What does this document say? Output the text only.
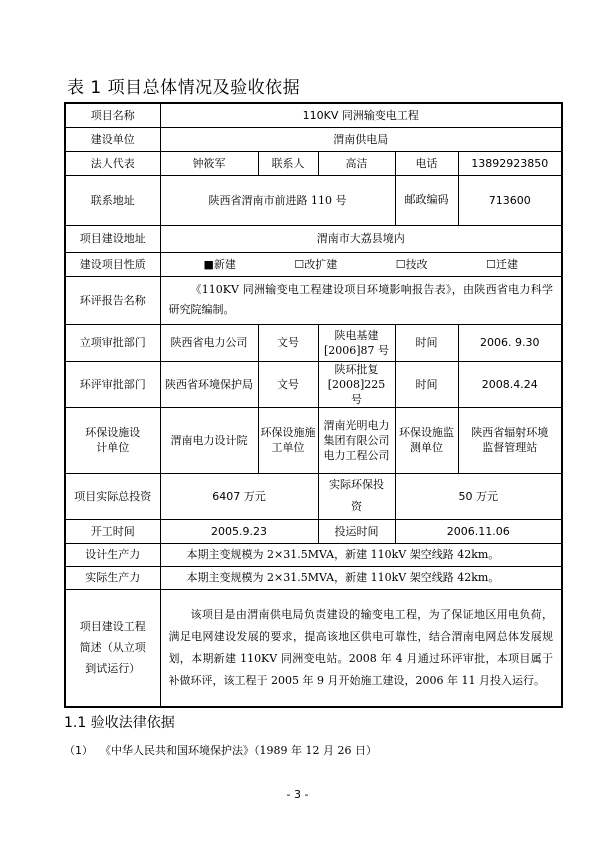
表 1 项目总体情况及验收依据
项目名称	110KV 同洲输变电工程				
建设单位	渭南供电局				
法人代表	钟筱军	联系人	高洁	电话	13892923850
联系地址	陕西省渭南市前进路 110 号			邮政编码	713600
项目建设地址	渭南市大荔县境内				
建设项目性质	■新建 ☐改扩建 ☐技改 ☐迁建				
环评报告名称	《110KV 同洲输变电工程建设项目环境影响报告表》，由陕西省电力科学研究院编制。				
立项审批部门	陕西省电力公司	文号	陕电基建[2006]87 号	时间	2006. 9.30
环评审批部门	陕西省环境保护局	文号	陕环批复[2008]225 号	时间	2008.4.24
环保设施设计单位	渭南电力设计院	环保设施施工单位	渭南光明电力集团有限公司电力工程公司	环保设施监测单位	陕西省辐射环境监督管理站
项目实际总投资	6407 万元		实际环保投资	50 万元	
开工时间	2005.9.23		投运时间	2006.11.06	
设计生产力	本期主变规模为 2×31.5MVA，新建 110kV 架空线路 42km。				
实际生产力	本期主变规模为 2×31.5MVA，新建 110kV 架空线路 42km。				
项目建设工程简述（从立项到试运行）	该项目是由渭南供电局负责建设的输变电工程，为了保证地区用电负荷，满足电网建设发展的要求，提高该地区供电可靠性，结合渭南电网总体发展规划，本期新建 110KV 同洲变电站。2008 年 4 月通过环评审批，本项目属于补做环评，该工程于 2005 年 9 月开始施工建设，2006 年 11 月投入运行。				
1.1 验收法律依据
（1） 《中华人民共和国环境保护法》（1989 年 12 月 26 日）
- 3 -
